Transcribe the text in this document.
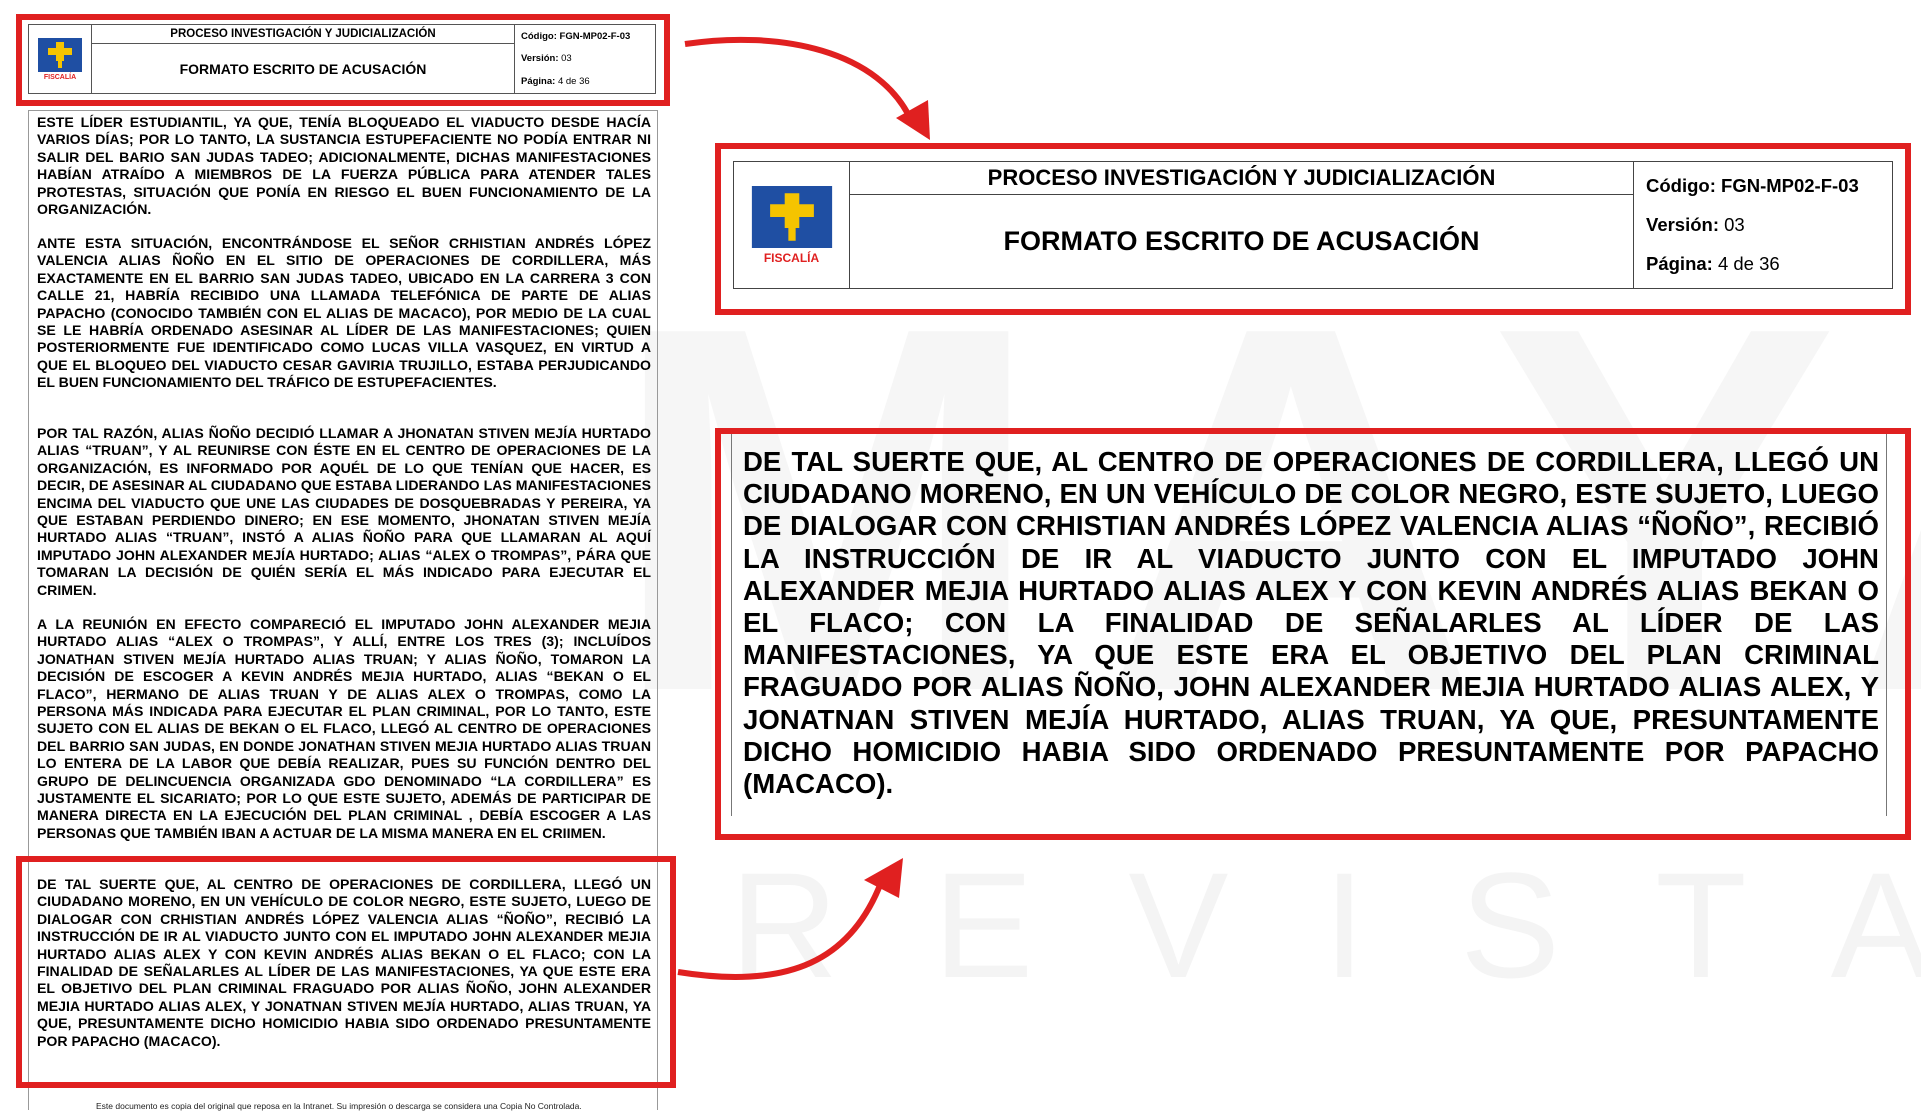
FISCALÍA
PROCESO INVESTIGACIÓN Y JUDICIALIZACIÓN
FORMATO ESCRITO DE ACUSACIÓN
Código: FGN-MP02-F-03
Versión: 03
Página: 4 de 36

ESTE LÍDER ESTUDIANTIL, YA QUE, TENÍA BLOQUEADO EL VIADUCTO DESDE HACÍA VARIOS DÍAS; POR LO TANTO, LA SUSTANCIA ESTUPEFACIENTE NO PODÍA ENTRAR NI SALIR DEL BARIO SAN JUDAS TADEO; ADICIONALMENTE, DICHAS MANIFESTACIONES HABÍAN ATRAÍDO A MIEMBROS DE LA FUERZA PÚBLICA PARA ATENDER TALES PROTESTAS, SITUACIÓN QUE PONÍA EN RIESGO EL BUEN FUNCIONAMIENTO DE LA ORGANIZACIÓN.

ANTE ESTA SITUACIÓN, ENCONTRÁNDOSE EL SEÑOR CRHISTIAN ANDRÉS LÓPEZ VALENCIA ALIAS ÑOÑO EN EL SITIO DE OPERACIONES DE CORDILLERA, MÁS EXACTAMENTE EN EL BARRIO SAN JUDAS TADEO, UBICADO EN LA CARRERA 3 CON CALLE 21, HABRÍA RECIBIDO UNA LLAMADA TELEFÓNICA DE PARTE DE ALIAS PAPACHO (CONOCIDO TAMBIÉN CON EL ALIAS DE MACACO), POR MEDIO DE LA CUAL SE LE HABRÍA ORDENADO ASESINAR AL LÍDER DE LAS MANIFESTACIONES; QUIEN POSTERIORMENTE FUE IDENTIFICADO COMO LUCAS VILLA VASQUEZ, EN VIRTUD A QUE EL BLOQUEO DEL VIADUCTO CESAR GAVIRIA TRUJILLO, ESTABA PERJUDICANDO EL BUEN FUNCIONAMIENTO DEL TRÁFICO DE ESTUPEFACIENTES.

POR TAL RAZÓN, ALIAS ÑOÑO DECIDIÓ LLAMAR A JHONATAN STIVEN MEJÍA HURTADO ALIAS “TRUAN”, Y AL REUNIRSE CON ÉSTE EN EL CENTRO DE OPERACIONES DE LA ORGANIZACIÓN, ES INFORMADO POR AQUÉL DE LO QUE TENÍAN QUE HACER, ES DECIR, DE ASESINAR AL CIUDADANO QUE ESTABA LIDERANDO LAS MANIFESTACIONES ENCIMA DEL VIADUCTO QUE UNE LAS CIUDADES DE DOSQUEBRADAS Y PEREIRA, YA QUE ESTABAN PERDIENDO DINERO; EN ESE MOMENTO, JHONATAN STIVEN MEJÍA HURTADO ALIAS “TRUAN”, INSTÓ A ALIAS ÑOÑO PARA QUE LLAMARAN AL AQUÍ IMPUTADO JOHN ALEXANDER MEJÍA HURTADO; ALIAS “ALEX O TROMPAS”, PÁRA QUE TOMARAN LA DECISIÓN DE QUIÉN SERÍA EL MÁS INDICADO PARA EJECUTAR EL CRIMEN.

A LA REUNIÓN EN EFECTO COMPARECIÓ EL IMPUTADO JOHN ALEXANDER MEJIA HURTADO ALIAS “ALEX O TROMPAS”, Y ALLÍ, ENTRE LOS TRES (3); INCLUÍDOS JONATHAN STIVEN MEJÍA HURTADO ALIAS TRUAN; Y ALIAS ÑOÑO, TOMARON LA DECISIÓN DE ESCOGER A KEVIN ANDRÉS MEJIA HURTADO, ALIAS “BEKAN O EL FLACO”, HERMANO DE ALIAS TRUAN Y DE ALIAS ALEX O TROMPAS, COMO LA PERSONA MÁS INDICADA PARA EJECUTAR EL PLAN CRIMINAL, POR LO TANTO, ESTE SUJETO CON EL ALIAS DE BEKAN O EL FLACO, LLEGÓ AL CENTRO DE OPERACIONES DEL BARRIO SAN JUDAS, EN DONDE JONATHAN STIVEN MEJIA HURTADO ALIAS TRUAN LO ENTERA DE LA LABOR QUE DEBÍA REALIZAR, PUES SU FUNCIÓN DENTRO DEL GRUPO DE DELINCUENCIA ORGANIZADA GDO DENOMINADO “LA CORDILLERA” ES JUSTAMENTE EL SICARIATO; POR LO QUE ESTE SUJETO, ADEMÁS DE PARTICIPAR DE MANERA DIRECTA EN LA EJECUCIÓN DEL PLAN CRIMINAL , DEBÍA ESCOGER A LAS PERSONAS QUE TAMBIÉN IBAN A ACTUAR DE LA MISMA MANERA EN EL CRIIMEN.

DE TAL SUERTE QUE, AL CENTRO DE OPERACIONES DE CORDILLERA, LLEGÓ UN CIUDADANO MORENO, EN UN VEHÍCULO DE COLOR NEGRO, ESTE SUJETO, LUEGO DE DIALOGAR CON CRHISTIAN ANDRÉS LÓPEZ VALENCIA ALIAS “ÑOÑO”, RECIBIÓ LA INSTRUCCIÓN DE IR AL VIADUCTO JUNTO CON EL IMPUTADO JOHN ALEXANDER MEJIA HURTADO ALIAS ALEX Y CON KEVIN ANDRÉS ALIAS BEKAN O EL FLACO; CON LA FINALIDAD DE SEÑALARLES AL LÍDER DE LAS MANIFESTACIONES, YA QUE ESTE ERA EL OBJETIVO DEL PLAN CRIMINAL FRAGUADO POR ALIAS ÑOÑO, JOHN ALEXANDER MEJIA HURTADO ALIAS ALEX, Y JONATNAN STIVEN MEJÍA HURTADO, ALIAS TRUAN, YA QUE, PRESUNTAMENTE DICHO HOMICIDIO HABIA SIDO ORDENADO PRESUNTAMENTE POR PAPACHO (MACACO).

Este documento es copia del original que reposa en la Intranet. Su impresión o descarga se considera una Copia No Controlada.
FISCALÍA
PROCESO INVESTIGACIÓN Y JUDICIALIZACIÓN
FORMATO ESCRITO DE ACUSACIÓN
Código: FGN-MP02-F-03
Versión: 03
Página: 4 de 36

DE TAL SUERTE QUE, AL CENTRO DE OPERACIONES DE CORDILLERA, LLEGÓ UN CIUDADANO MORENO, EN UN VEHÍCULO DE COLOR NEGRO, ESTE SUJETO, LUEGO DE DIALOGAR CON CRHISTIAN ANDRÉS LÓPEZ VALENCIA ALIAS “ÑOÑO”, RECIBIÓ LA INSTRUCCIÓN DE IR AL VIADUCTO JUNTO CON EL IMPUTADO JOHN ALEXANDER MEJIA HURTADO ALIAS ALEX Y CON KEVIN ANDRÉS ALIAS BEKAN O EL FLACO; CON LA FINALIDAD DE SEÑALARLES AL LÍDER DE LAS MANIFESTACIONES, YA QUE ESTE ERA EL OBJETIVO DEL PLAN CRIMINAL FRAGUADO POR ALIAS ÑOÑO, JOHN ALEXANDER MEJIA HURTADO ALIAS ALEX, Y JONATNAN STIVEN MEJÍA HURTADO, ALIAS TRUAN, YA QUE, PRESUNTAMENTE DICHO HOMICIDIO HABIA SIDO ORDENADO PRESUNTAMENTE POR PAPACHO (MACACO).
